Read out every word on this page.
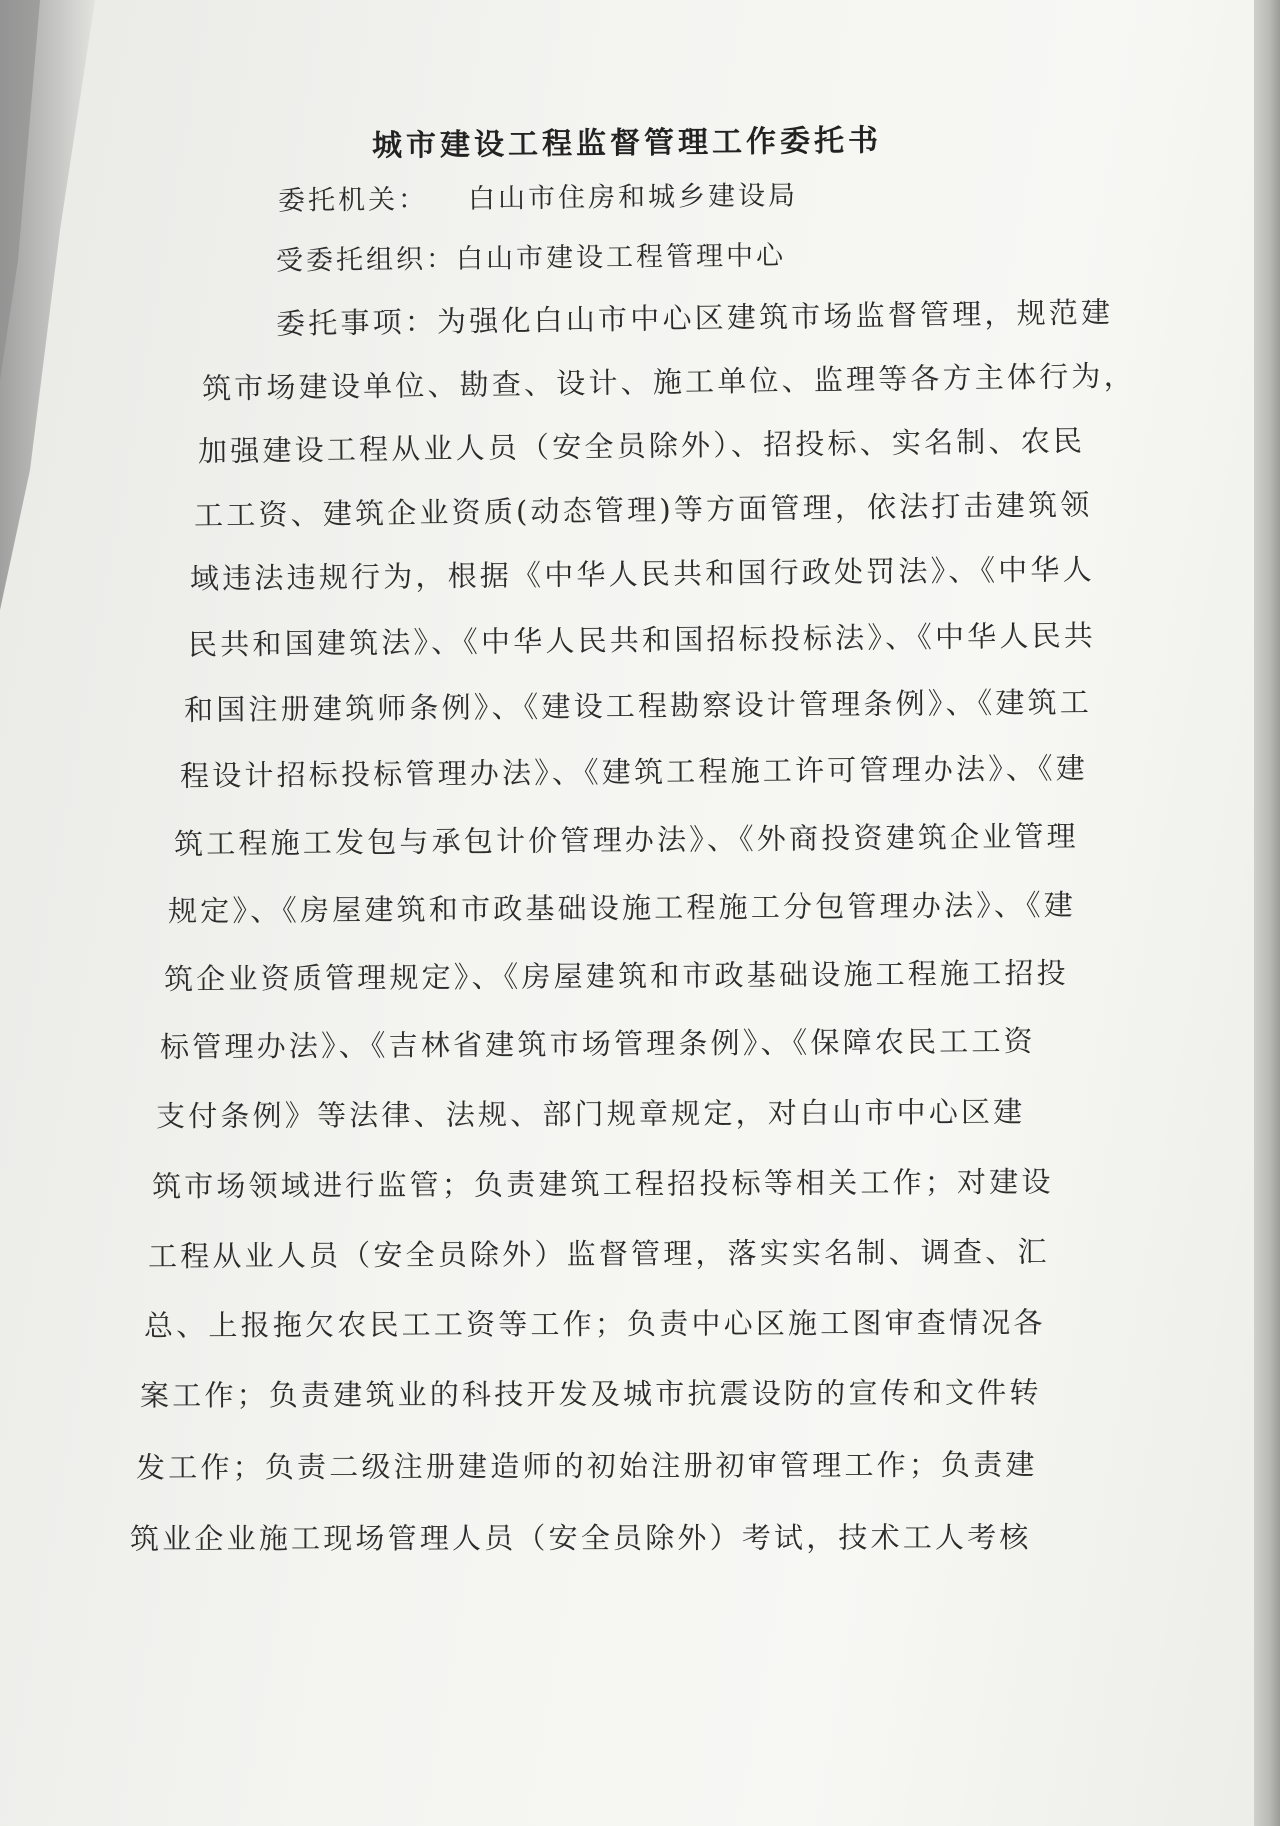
城市建设工程监督管理工作委托书
委托机关： 白山市住房和城乡建设局
受委托组织：白山市建设工程管理中心
委托事项：为强化白山市中心区建筑市场监督管理，规范建
筑市场建设单位、勘查、设计、施工单位、监理等各方主体行为，
加强建设工程从业人员（安全员除外）、招投标、实名制、农民
工工资、建筑企业资质(动态管理)等方面管理，依法打击建筑领
域违法违规行为，根据《中华人民共和国行政处罚法》、《中华人
民共和国建筑法》、《中华人民共和国招标投标法》、《中华人民共
和国注册建筑师条例》、《建设工程勘察设计管理条例》、《建筑工
程设计招标投标管理办法》、《建筑工程施工许可管理办法》、《建
筑工程施工发包与承包计价管理办法》、《外商投资建筑企业管理
规定》、《房屋建筑和市政基础设施工程施工分包管理办法》、《建
筑企业资质管理规定》、《房屋建筑和市政基础设施工程施工招投
标管理办法》、《吉林省建筑市场管理条例》、《保障农民工工资
支付条例》等法律、法规、部门规章规定，对白山市中心区建
筑市场领域进行监管；负责建筑工程招投标等相关工作；对建设
工程从业人员（安全员除外）监督管理，落实实名制、调查、汇
总、上报拖欠农民工工资等工作；负责中心区施工图审查情况各
案工作；负责建筑业的科技开发及城市抗震设防的宣传和文件转
发工作；负责二级注册建造师的初始注册初审管理工作；负责建
筑业企业施工现场管理人员（安全员除外）考试，技术工人考核
